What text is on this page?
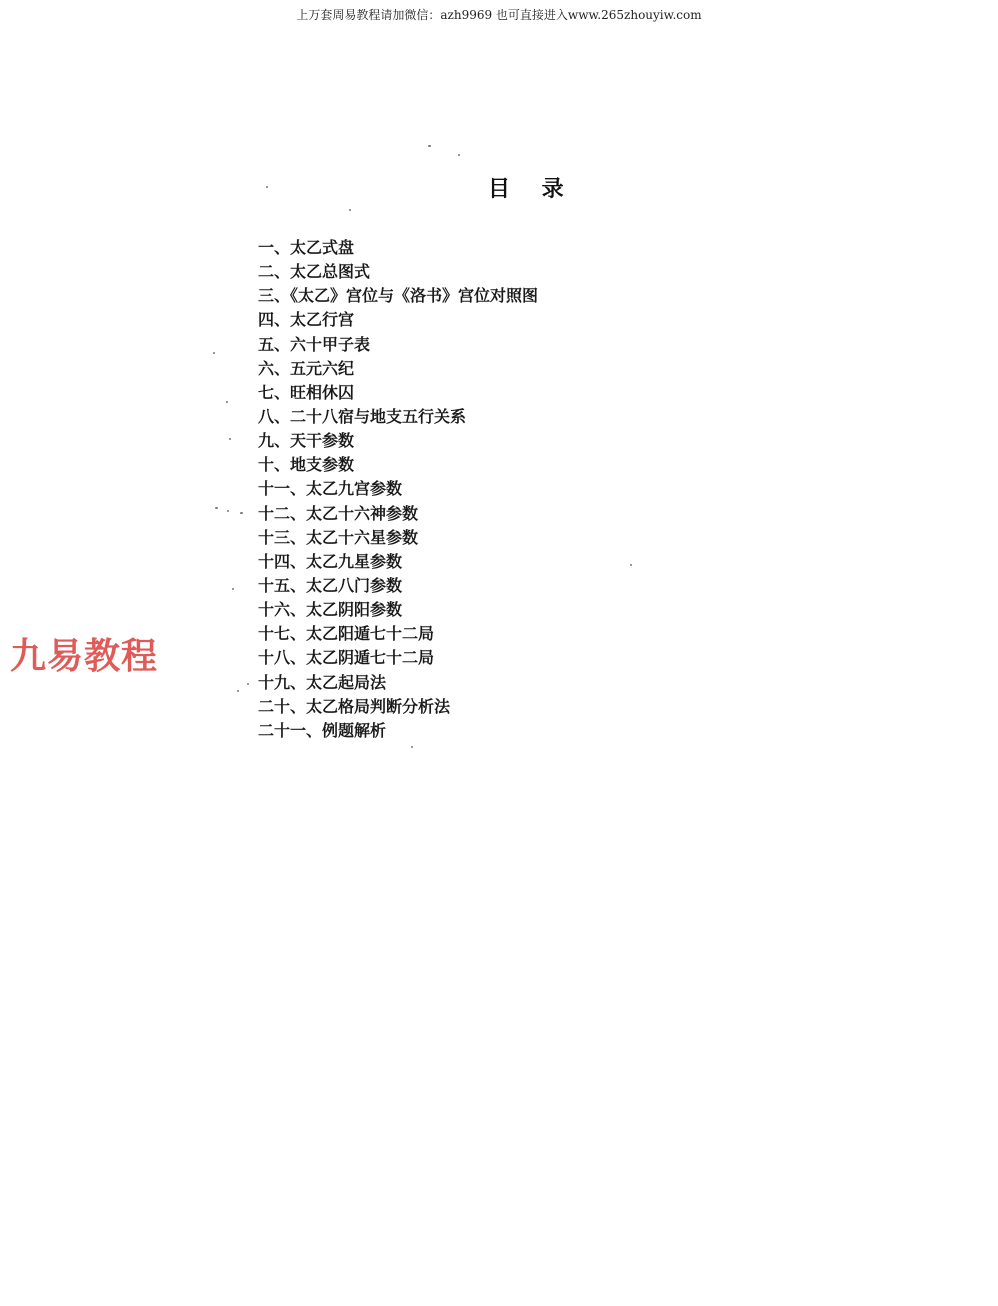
上万套周易教程请加微信：azh9969 也可直接进入www.265zhouyiw.com
目 录
一、太乙式盘
二、太乙总图式
三、《太乙》宫位与《洛书》宫位对照图
四、太乙行宫
五、六十甲子表
六、五元六纪
七、旺相休囚
八、二十八宿与地支五行关系
九、天干参数
十、地支参数
十一、太乙九宫参数
十二、太乙十六神参数
十三、太乙十六星参数
十四、太乙九星参数
十五、太乙八门参数
十六、太乙阴阳参数
十七、太乙阳遁七十二局
十八、太乙阴遁七十二局
十九、太乙起局法
二十、太乙格局判断分析法
二十一、例题解析
九易教程
